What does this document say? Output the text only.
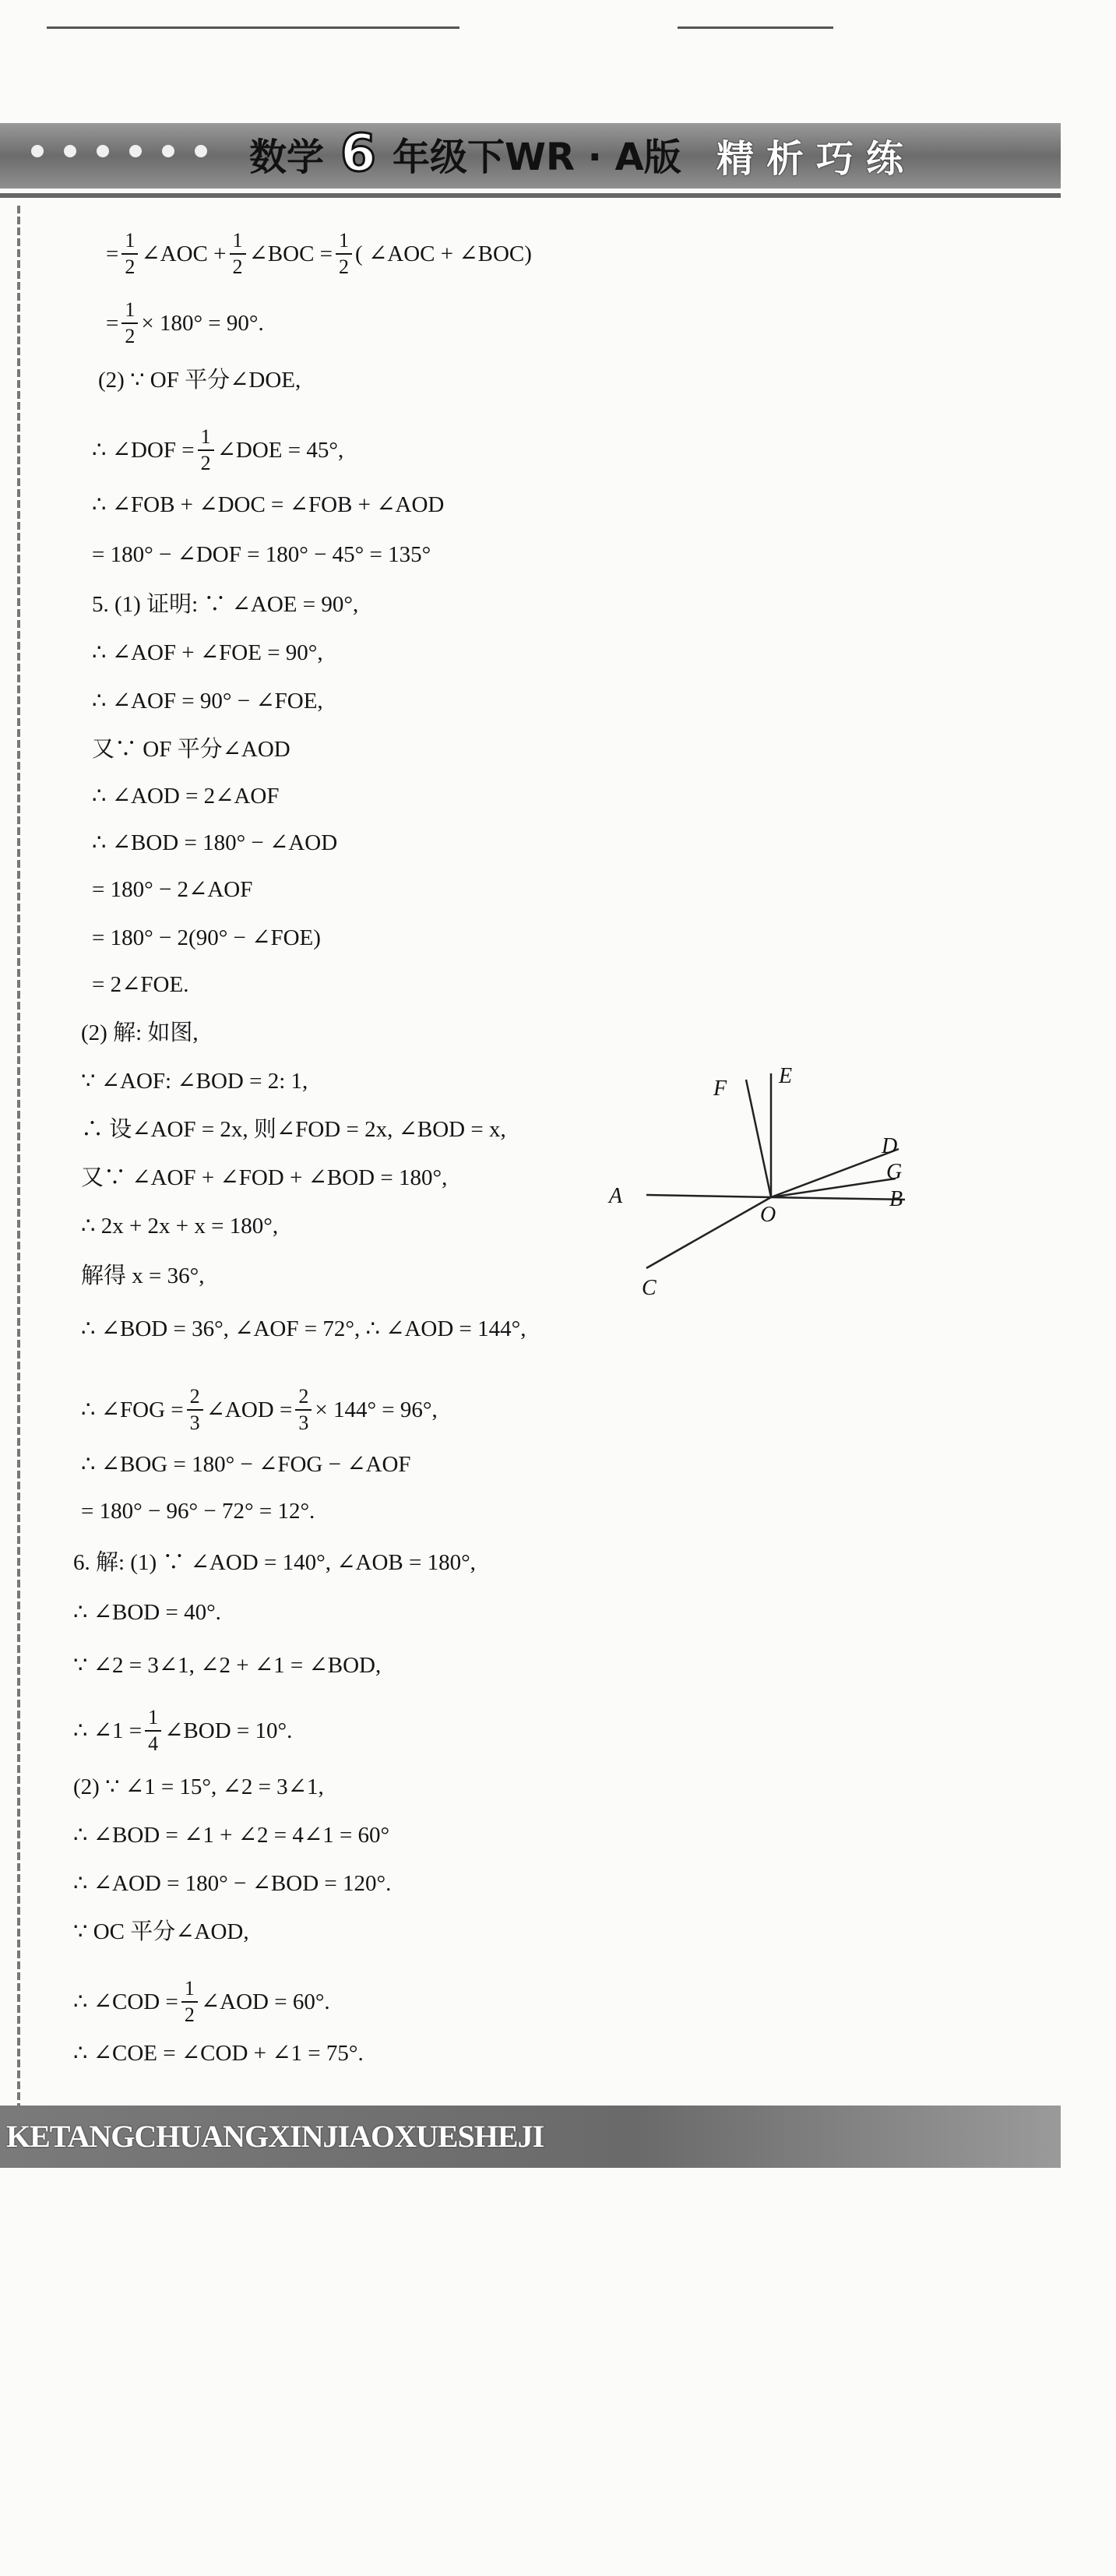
数学 6 年级下WR · A版 精析巧练
= $\frac{1}{2}$ ∠AOC + $\frac{1}{2}$ ∠BOC = $\frac{1}{2}$ ( ∠AOC + ∠BOC)
= $\frac{1}{2} \times 180^\circ = 90^\circ$.
(2) ∵ OF 平分∠DOE,
∴ ∠DOF = $\frac{1}{2}$ ∠DOE = 45°,
∴ ∠FOB + ∠DOC = ∠FOB + ∠AOD
= 180° − ∠DOF = 180° − 45° = 135°
5. (1) 证明: ∵ ∠AOE = 90°,
∴ ∠AOF + ∠FOE = 90°,
∴ ∠AOF = 90° − ∠FOE,
又∵ OF 平分∠AOD
∴ ∠AOD = 2∠AOF
∴ ∠BOD = 180° − ∠AOD
= 180° − 2∠AOF
= 180° − 2(90° − ∠FOE)
= 2∠FOE.
(2) 解: 如图,
∵ ∠AOF: ∠BOD = 2: 1,
∴ 设∠AOF = 2x, 则∠FOD = 2x, ∠BOD = x,
又∵ ∠AOF + ∠FOD + ∠BOD = 180°,
∴ 2x + 2x + x = 180°,
解得 x = 36°,
∴ ∠BOD = 36°, ∠AOF = 72°, ∴ ∠AOD = 144°,
∴ ∠FOG = $\frac{2}{3}$ ∠AOD = $\frac{2}{3} \times 144^\circ = 96^\circ$,
∴ ∠BOG = 180° − ∠FOG − ∠AOF
= 180° − 96° − 72° = 12°.
6. 解: (1) ∵ ∠AOD = 140°, ∠AOB = 180°,
∴ ∠BOD = 40°.
∵ ∠2 = 3∠1, ∠2 + ∠1 = ∠BOD,
∴ ∠1 = $\frac{1}{4}$ ∠BOD = 10°.
(2) ∵ ∠1 = 15°, ∠2 = 3∠1,
∴ ∠BOD = ∠1 + ∠2 = 4∠1 = 60°
∴ ∠AOD = 180° − ∠BOD = 120°.
∵ OC 平分∠AOD,
∴ ∠COD = $\frac{1}{2}$ ∠AOD = 60°.
∴ ∠COE = ∠COD + ∠1 = 75°.
A	B
C
D
E
F
G
O
KETANGCHUANGXINJIAOXUESHEJI
